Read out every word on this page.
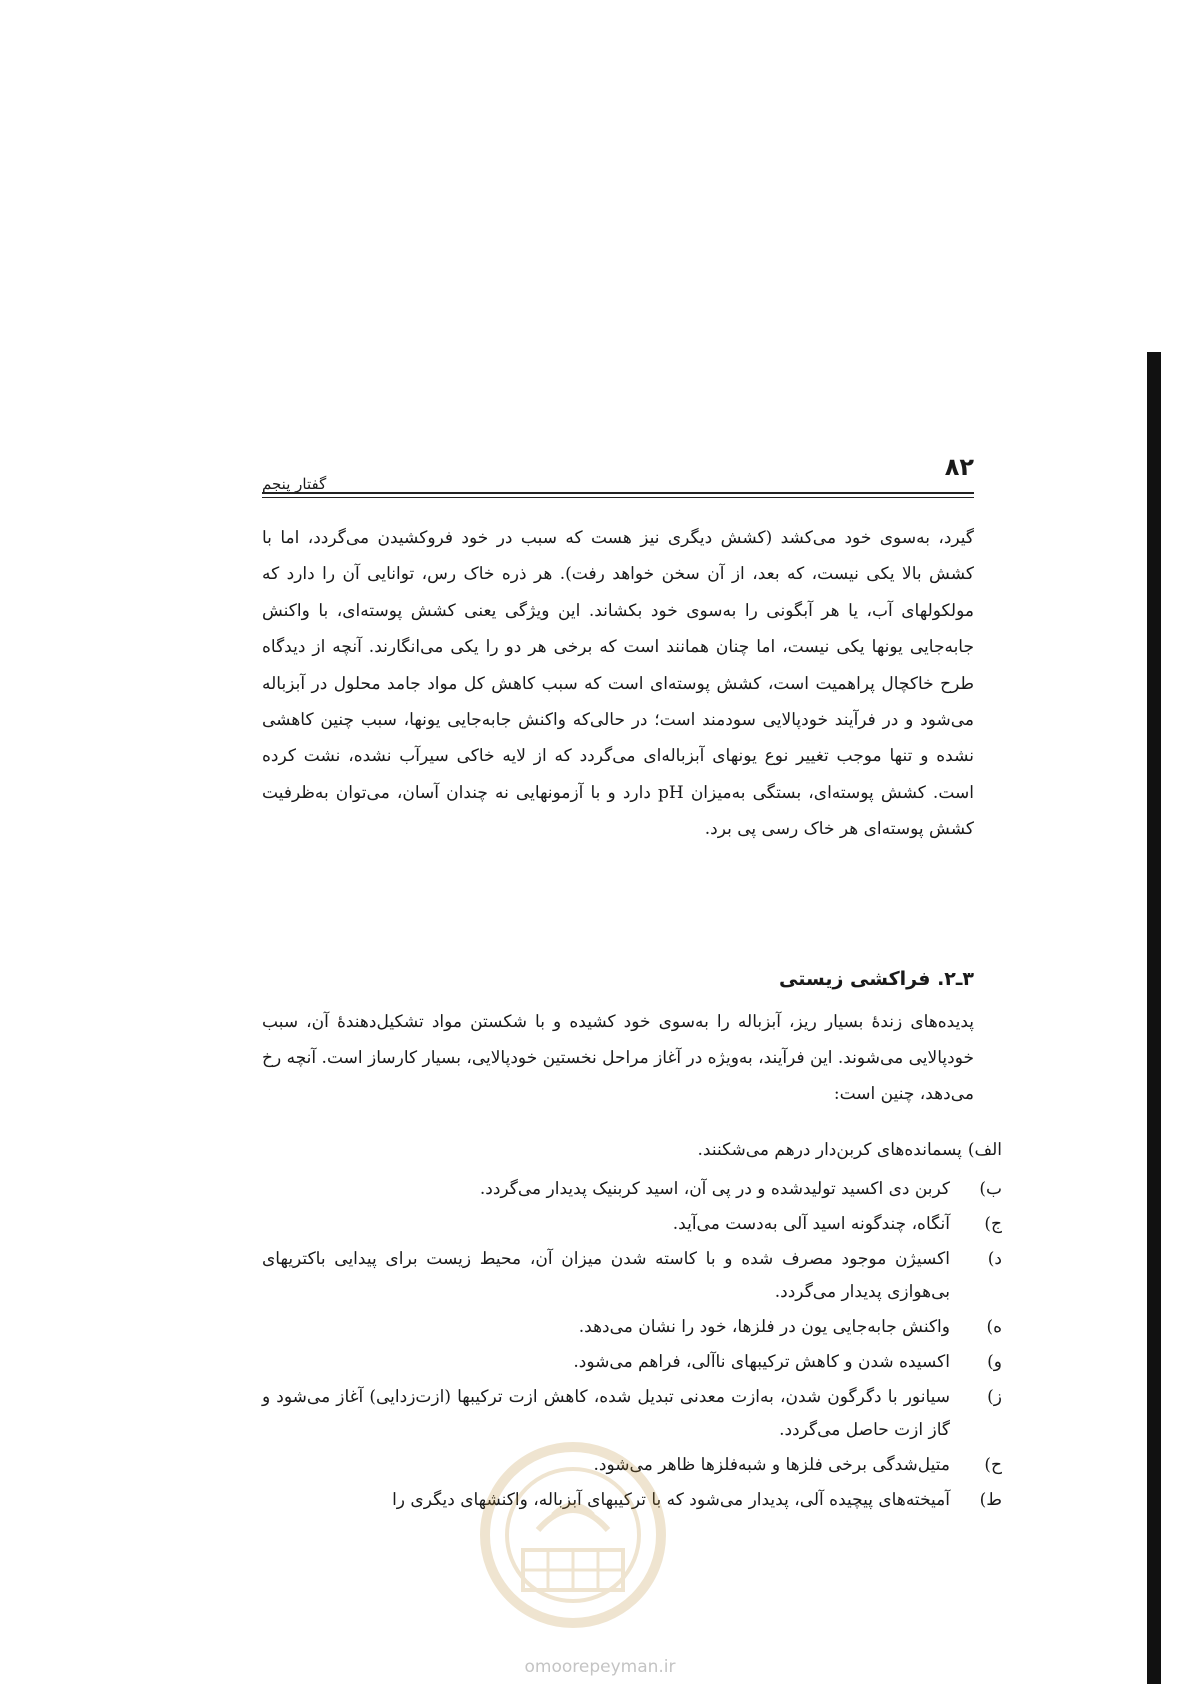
۸۲
گفتار پنجم

گیرد، به‌سوی خود می‌کشد (کشش دیگری نیز هست که سبب در خود فروکشیدن می‌گردد، اما با کشش بالا یکی نیست، که بعد، از آن سخن خواهد رفت). هر ذره خاک رس، توانایی آن را دارد که مولکولهای آب، یا هر آبگونی را به‌سوی خود بکشاند. این ویژگی یعنی کشش پوسته‌ای، با واکنش جابه‌جایی یونها یکی نیست، اما چنان همانند است که برخی هر دو را یکی می‌انگارند. آنچه از دیدگاه طرح خاکچال پراهمیت است، کشش پوسته‌ای است که سبب کاهش کل مواد جامد محلول در آبزباله می‌شود و در فرآیند خودپالایی سودمند است؛ در حالی‌که واکنش جابه‌جایی یونها، سبب چنین کاهشی نشده و تنها موجب تغییر نوع یونهای آبزباله‌ای می‌گردد که از لایه خاکی سیرآب نشده، نشت کرده است. کشش پوسته‌ای، بستگی به‌میزان pH دارد و با آزمونهایی نه چندان آسان، می‌توان به‌ظرفیت کشش پوسته‌ای هر خاک رسی پی برد.

۳ـ۲. فراکشی زیستی

پدیده‌های زندهٔ بسیار ریز، آبزباله را به‌سوی خود کشیده و با شکستن مواد تشکیل‌دهندهٔ آن، سبب خودپالایی می‌شوند. این فرآیند، به‌ویژه در آغاز مراحل نخستین خودپالایی، بسیار کارساز است. آنچه رخ می‌دهد، چنین است:

الف)
پسمانده‌های کربن‌دار درهم می‌شکنند.
ب)
کربن دی اکسید تولیدشده و در پی آن، اسید کربنیک پدیدار می‌گردد.
ج)
آنگاه، چندگونه اسید آلی به‌دست می‌آید.
د)
اکسیژن موجود مصرف شده و با کاسته شدن میزان آن، محیط زیست برای پیدایی باکتریهای بی‌هوازی پدیدار می‌گردد.
ه)
واکنش جابه‌جایی یون در فلزها، خود را نشان می‌دهد.
و)
اکسیده شدن و کاهش ترکیبهای ناآلی، فراهم می‌شود.
ز)
سیانور با دگرگون شدن، به‌ازت معدنی تبدیل شده، کاهش ازت ترکیبها (ازت‌زدایی) آغاز می‌شود و گاز ازت حاصل می‌گردد.
ح)
متیل‌شدگی برخی فلزها و شبه‌فلزها ظاهر می‌شود.
ط)
آمیخته‌های پیچیده آلی، پدیدار می‌شود که با ترکیبهای آبزباله، واکنشهای دیگری را
omoorepeyman.ir
